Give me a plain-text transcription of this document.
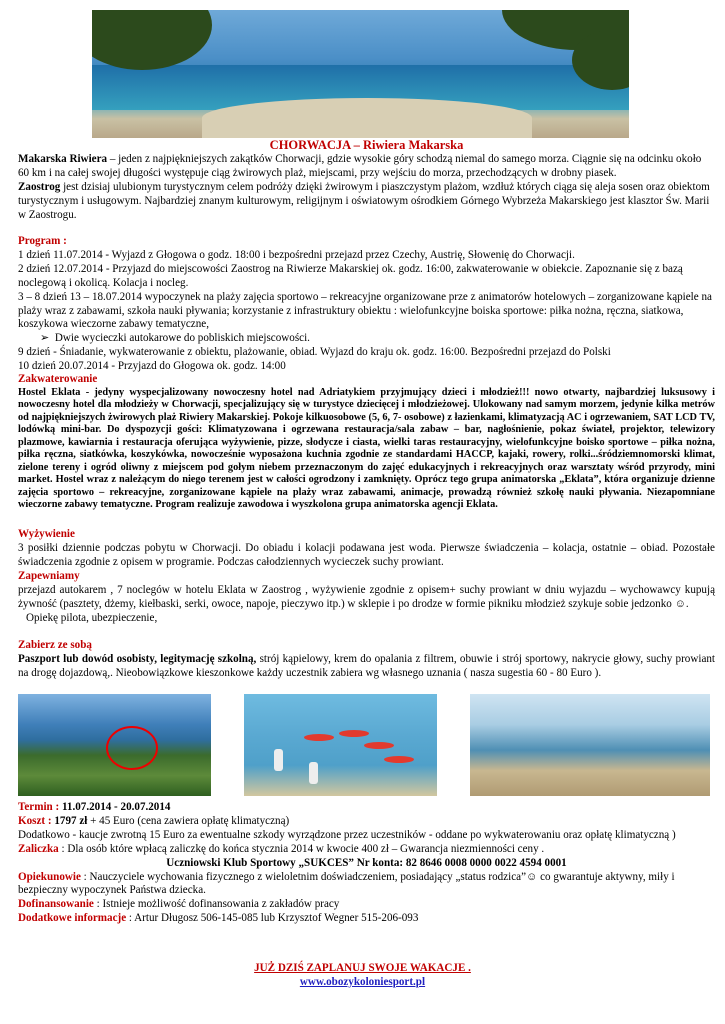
CHORWACJA – Riwiera Makarska

Makarska Riwiera – jeden z najpiękniejszych zakątków Chorwacji, gdzie wysokie góry schodzą niemal do samego morza. Ciągnie się na odcinku około 60 km i na całej swojej długości występuje ciąg żwirowych plaż, miejscami, przy wejściu do morza, przechodzących w drobny piasek.

Zaostrog jest dzisiaj ulubionym turystycznym celem podróży dzięki żwirowym i piaszczystym plażom, wzdłuż których ciąga się aleja sosen oraz obiektom turystycznym i usługowym. Najbardziej znanym kulturowym, religijnym i oświatowym ośrodkiem Górnego Wybrzeża Makarskiego jest klasztor Św. Marii w Zaostrogu.

Program :

1 dzień 11.07.2014 - Wyjazd z Głogowa o godz. 18:00 i bezpośredni przejazd przez Czechy, Austrię, Słowenię do Chorwacji.

2 dzień 12.07.2014 - Przyjazd do miejscowości Zaostrog na Riwierze Makarskiej ok. godz. 16:00, zakwaterowanie w obiekcie. Zapoznanie się z bazą noclegową i okolicą. Kolacja i nocleg.

3 – 8 dzień 13 – 18.07.2014 wypoczynek na plaży zajęcia sportowo – rekreacyjne organizowane prze z animatorów hotelowych – zorganizowane kąpiele na plaży wraz z zabawami, szkoła nauki pływania; korzystanie z infrastruktury obiektu : wielofunkcyjne boiska sportowe: piłka nożna, ręczna, siatkowa, koszykowa wieczorne zabawy tematyczne,

➢ Dwie wycieczki autokarowe do pobliskich miejscowości.

9 dzień - Śniadanie, wykwaterowanie z obiektu, plażowanie, obiad. Wyjazd do kraju ok. godz. 16:00. Bezpośredni przejazd do Polski

10 dzień 20.07.2014 - Przyjazd do Głogowa ok. godz. 14:00

Zakwaterowanie

Hostel Eklata - jedyny wyspecjalizowany nowoczesny hotel nad Adriatykiem przyjmujący dzieci i młodzież!!! nowo otwarty, najbardziej luksusowy i nowoczesny hotel dla młodzieży w Chorwacji, specjalizujący się w turystyce dziecięcej i młodzieżowej. Ulokowany nad samym morzem, jedynie kilka metrów od najpiękniejszych żwirowych plaż Riwiery Makarskiej. Pokoje kilkuosobowe (5, 6, 7- osobowe) z łazienkami, klimatyzacją AC i ogrzewaniem, SAT LCD TV, lodówką mini-bar. Do dyspozycji gości: Klimatyzowana i ogrzewana restauracja/sala zabaw – bar, nagłośnienie, pokaz świateł, projektor, telewizory plazmowe, kawiarnia i restauracja oferująca wyżywienie, pizze, słodycze i ciasta, wielki taras restauracyjny, wielofunkcyjne boisko sportowe – piłka nożna, piłka ręczna, siatkówka, koszykówka, nowocześnie wyposażona kuchnia zgodnie ze standardami HACCP, kajaki, rowery, rolki...śródziemnomorski klimat, zielone tereny i ogród oliwny z miejscem pod gołym niebem przeznaczonym do zajęć edukacyjnych i rekreacyjnych oraz warsztaty wśród przyrody, mini market. Hostel wraz z należącym do niego terenem jest w całości ogrodzony i zamknięty. Oprócz tego grupa animatorska „Eklata”, która organizuje dzienne zajęcia sportowo – rekreacyjne, zorganizowane kąpiele na plaży wraz zabawami, animacje, prowadzą również szkołę nauki pływania. Niezapomniane wieczorne zabawy tematyczne. Program realizuje zawodowa i wyszkolona grupa animatorska agencji Eklata.

Wyżywienie

3 posiłki dziennie podczas pobytu w Chorwacji. Do obiadu i kolacji podawana jest woda. Pierwsze świadczenia – kolacja, ostatnie – obiad. Pozostałe świadczenia zgodnie z opisem w programie. Podczas całodziennych wycieczek suchy prowiant.

Zapewniamy

przejazd autokarem , 7 noclegów w hotelu Eklata w Zaostrog , wyżywienie zgodnie z opisem+ suchy prowiant w dniu wyjazdu – wychowawcy kupują żywność (pasztety, dżemy, kiełbaski, serki, owoce, napoje, pieczywo itp.) w sklepie i po drodze w formie pikniku młodzież szykuje sobie jedzonko ☺.

Opiekę pilota, ubezpieczenie,

Zabierz ze sobą

Paszport lub dowód osobisty, legitymację szkolną, strój kąpielowy, krem do opalania z filtrem, obuwie i strój sportowy, nakrycie głowy, suchy prowiant na drogę dojazdową,. Nieobowiązkowe kieszonkowe każdy uczestnik zabiera wg własnego uznania ( nasza sugestia 60 - 80 Euro ).

Termin : 11.07.2014 - 20.07.2014

Koszt : 1797 zł + 45 Euro (cena zawiera opłatę klimatyczną)

Dodatkowo - kaucje zwrotną 15 Euro za ewentualne szkody wyrządzone przez uczestników - oddane po wykwaterowaniu oraz opłatę klimatyczną )

Zaliczka : Dla osób które wpłacą zaliczkę do końca stycznia 2014 w kwocie 400 zł – Gwarancja niezmienności ceny .

Uczniowski Klub Sportowy „SUKCES” Nr konta: 82 8646 0008 0000 0022 4594 0001

Opiekunowie : Nauczyciele wychowania fizycznego z wieloletnim doświadczeniem, posiadający „status rodzica”☺ co gwarantuje aktywny, miły i bezpieczny wypoczynek Państwa dziecka.

Dofinansowanie : Istnieje możliwość dofinansowania z zakładów pracy

Dodatkowe informacje : Artur Długosz 506-145-085 lub Krzysztof Wegner 515-206-093

JUŻ DZIŚ ZAPLANUJ SWOJE WAKACJE .

www.obozykoloniesport.pl
